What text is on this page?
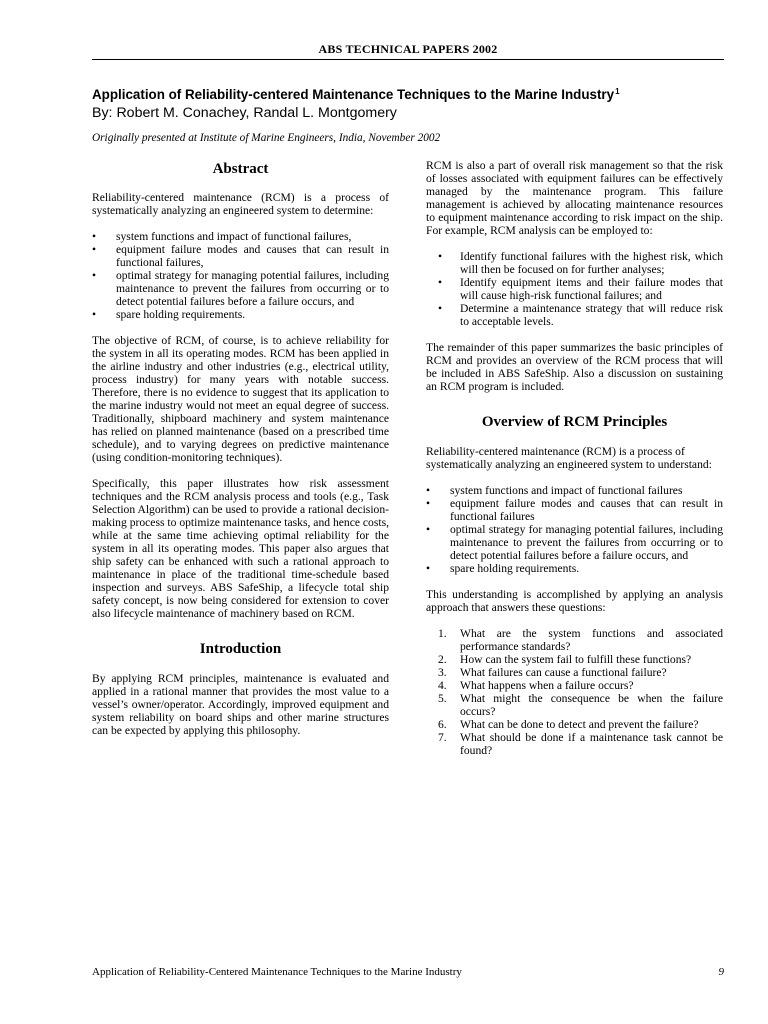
ABS TECHNICAL PAPERS 2002

Application of Reliability-centered Maintenance Techniques to the Marine Industry$^1$

By: Robert M. Conachey, Randal L. Montgomery

Originally presented at Institute of Marine Engineers, India, November 2002

Abstract

Reliability-centered maintenance (RCM) is a process of systematically analyzing an engineered system to determine:

•	system functions and impact of functional failures,
•	equipment failure modes and causes that can result in functional failures,
•	optimal strategy for managing potential failures, including maintenance to prevent the failures from occurring or to detect potential failures before a failure occurs, and
•	spare holding requirements.

The objective of RCM, of course, is to achieve reliability for the system in all its operating modes. RCM has been applied in the airline industry and other industries (e.g., electrical utility, process industry) for many years with notable success. Therefore, there is no evidence to suggest that its application to the marine industry would not meet an equal degree of success. Traditionally, shipboard machinery and system maintenance has relied on planned maintenance (based on a prescribed time schedule), and to varying degrees on predictive maintenance (using condition-monitoring techniques).

Specifically, this paper illustrates how risk assessment techniques and the RCM analysis process and tools (e.g., Task Selection Algorithm) can be used to provide a rational decision-making process to optimize maintenance tasks, and hence costs, while at the same time achieving optimal reliability for the system in all its operating modes. This paper also argues that ship safety can be enhanced with such a rational approach to maintenance in place of the traditional time-schedule based inspection and surveys. ABS SafeShip, a lifecycle total ship safety concept, is now being considered for extension to cover also lifecycle maintenance of machinery based on RCM.

Introduction

By applying RCM principles, maintenance is evaluated and applied in a rational manner that provides the most value to a vessel’s owner/operator. Accordingly, improved equipment and system reliability on board ships and other marine structures can be expected by applying this philosophy.

RCM is also a part of overall risk management so that the risk of losses associated with equipment failures can be effectively managed by the maintenance program. This failure management is achieved by allocating maintenance resources to equipment maintenance according to risk impact on the ship. For example, RCM analysis can be employed to:

•	Identify functional failures with the highest risk, which will then be focused on for further analyses;
•	Identify equipment items and their failure modes that will cause high-risk functional failures; and
•	Determine a maintenance strategy that will reduce risk to acceptable levels.

The remainder of this paper summarizes the basic principles of RCM and provides an overview of the RCM process that will be included in ABS SafeShip. Also a discussion on sustaining an RCM program is included.

Overview of RCM Principles

Reliability-centered maintenance (RCM) is a process of systematically analyzing an engineered system to understand:

•	system functions and impact of functional failures
•	equipment failure modes and causes that can result in functional failures
•	optimal strategy for managing potential failures, including maintenance to prevent the failures from occurring or to detect potential failures before a failure occurs, and
•	spare holding requirements.

This understanding is accomplished by applying an analysis approach that answers these questions:

1.	What are the system functions and associated performance standards?
2.	How can the system fail to fulfill these functions?
3.	What failures can cause a functional failure?
4.	What happens when a failure occurs?
5.	What might the consequence be when the failure occurs?
6.	What can be done to detect and prevent the failure?
7.	What should be done if a maintenance task cannot be found?
Application of Reliability-Centered Maintenance Techniques to the Marine Industry	9
